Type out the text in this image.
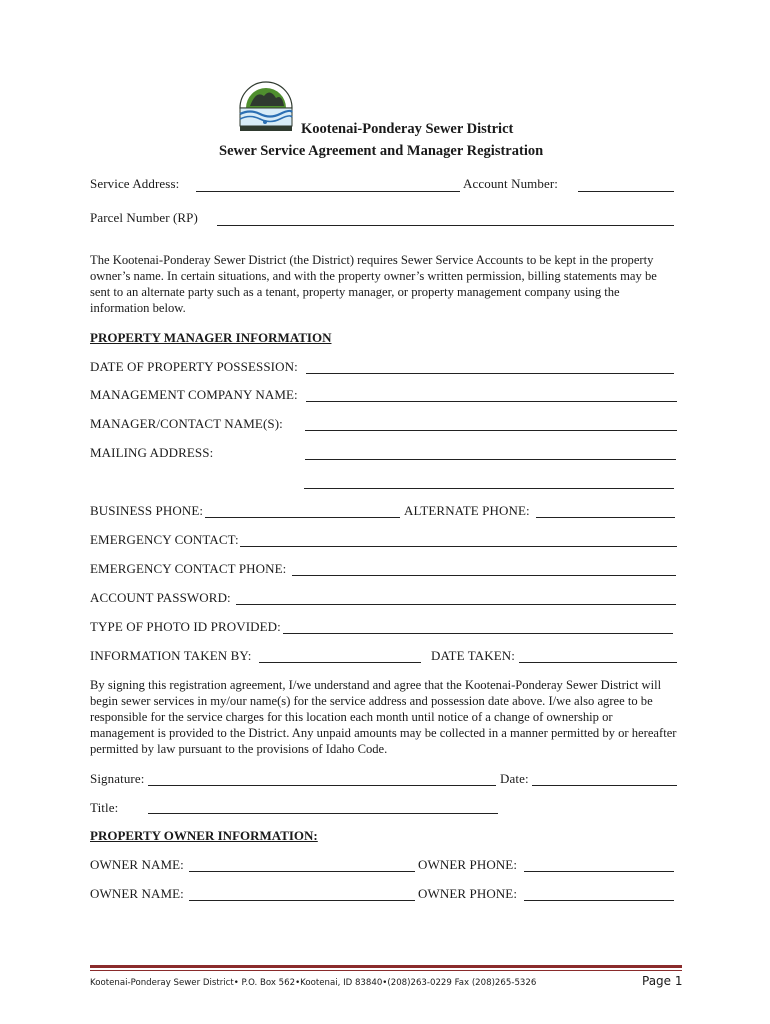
Kootenai-Ponderay Sewer District
Sewer Service Agreement and Manager Registration
Service Address:	Account Number:
Parcel Number (RP)
The Kootenai-Ponderay Sewer District (the District) requires Sewer Service Accounts to be kept in the property owner’s name. In certain situations, and with the property owner’s written permission, billing statements may be sent to an alternate party such as a tenant, property manager, or property management company using the information below.
PROPERTY MANAGER INFORMATION
DATE OF PROPERTY POSSESSION:
MANAGEMENT COMPANY NAME:
MANAGER/CONTACT NAME(S):
MAILING ADDRESS:
BUSINESS PHONE:	ALTERNATE PHONE:
EMERGENCY CONTACT:
EMERGENCY CONTACT PHONE:
ACCOUNT PASSWORD:
TYPE OF PHOTO ID PROVIDED:
INFORMATION TAKEN BY:	DATE TAKEN:
By signing this registration agreement, I/we understand and agree that the Kootenai-Ponderay Sewer District will begin sewer services in my/our name(s) for the service address and possession date above. I/we also agree to be responsible for the service charges for this location each month until notice of a change of ownership or management is provided to the District. Any unpaid amounts may be collected in a manner permitted by or hereafter permitted by law pursuant to the provisions of Idaho Code.
Signature:	Date:
Title:
PROPERTY OWNER INFORMATION:
OWNER NAME:	OWNER PHONE:
OWNER NAME:	OWNER PHONE:
Kootenai-Ponderay Sewer District• P.O. Box 562•Kootenai, ID 83840•(208)263-0229 Fax (208)265-5326	Page 1
